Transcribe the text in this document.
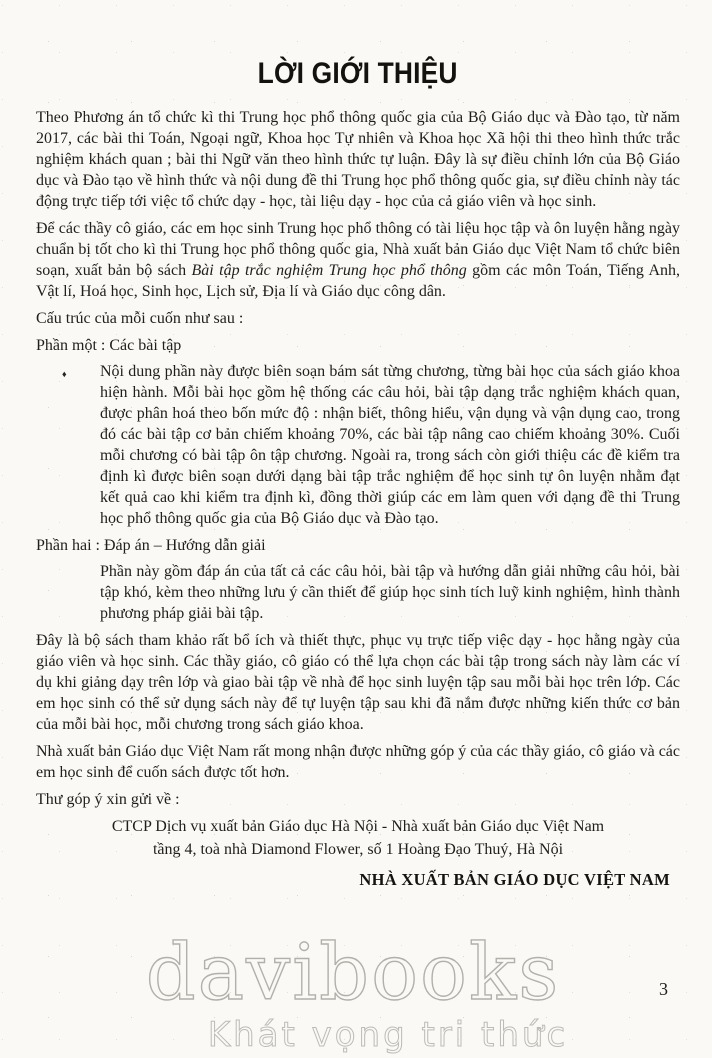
LỜI GIỚI THIỆU

Theo Phương án tổ chức kì thi Trung học phổ thông quốc gia của Bộ Giáo dục và Đào tạo, từ năm 2017, các bài thi Toán, Ngoại ngữ, Khoa học Tự nhiên và Khoa học Xã hội thi theo hình thức trắc nghiệm khách quan ; bài thi Ngữ văn theo hình thức tự luận. Đây là sự điều chỉnh lớn của Bộ Giáo dục và Đào tạo về hình thức và nội dung đề thi Trung học phổ thông quốc gia, sự điều chỉnh này tác động trực tiếp tới việc tổ chức dạy - học, tài liệu dạy - học của cả giáo viên và học sinh.

Để các thầy cô giáo, các em học sinh Trung học phổ thông có tài liệu học tập và ôn luyện hằng ngày chuẩn bị tốt cho kì thi Trung học phổ thông quốc gia, Nhà xuất bản Giáo dục Việt Nam tổ chức biên soạn, xuất bản bộ sách Bài tập trắc nghiệm Trung học phổ thông gồm các môn Toán, Tiếng Anh, Vật lí, Hoá học, Sinh học, Lịch sử, Địa lí và Giáo dục công dân.

Cấu trúc của mỗi cuốn như sau :

Phần một : Các bài tập

♦ Nội dung phần này được biên soạn bám sát từng chương, từng bài học của sách giáo khoa hiện hành. Mỗi bài học gồm hệ thống các câu hỏi, bài tập dạng trắc nghiệm khách quan, được phân hoá theo bốn mức độ : nhận biết, thông hiểu, vận dụng và vận dụng cao, trong đó các bài tập cơ bản chiếm khoảng 70%, các bài tập nâng cao chiếm khoảng 30%. Cuối mỗi chương có bài tập ôn tập chương. Ngoài ra, trong sách còn giới thiệu các đề kiểm tra định kì được biên soạn dưới dạng bài tập trắc nghiệm để học sinh tự ôn luyện nhằm đạt kết quả cao khi kiểm tra định kì, đồng thời giúp các em làm quen với dạng đề thi Trung học phổ thông quốc gia của Bộ Giáo dục và Đào tạo.

Phần hai : Đáp án – Hướng dẫn giải

Phần này gồm đáp án của tất cả các câu hỏi, bài tập và hướng dẫn giải những câu hỏi, bài tập khó, kèm theo những lưu ý cần thiết để giúp học sinh tích luỹ kinh nghiệm, hình thành phương pháp giải bài tập.

Đây là bộ sách tham khảo rất bổ ích và thiết thực, phục vụ trực tiếp việc dạy - học hằng ngày của giáo viên và học sinh. Các thầy giáo, cô giáo có thể lựa chọn các bài tập trong sách này làm các ví dụ khi giảng dạy trên lớp và giao bài tập về nhà để học sinh luyện tập sau mỗi bài học trên lớp. Các em học sinh có thể sử dụng sách này để tự luyện tập sau khi đã nắm được những kiến thức cơ bản của mỗi bài học, mỗi chương trong sách giáo khoa.

Nhà xuất bản Giáo dục Việt Nam rất mong nhận được những góp ý của các thầy giáo, cô giáo và các em học sinh để cuốn sách được tốt hơn.

Thư góp ý xin gửi về :

CTCP Dịch vụ xuất bản Giáo dục Hà Nội - Nhà xuất bản Giáo dục Việt Nam

tầng 4, toà nhà Diamond Flower, số 1 Hoàng Đạo Thuý, Hà Nội

NHÀ XUẤT BẢN GIÁO DỤC VIỆT NAM
davibooks
Khát vọng tri thức
3
